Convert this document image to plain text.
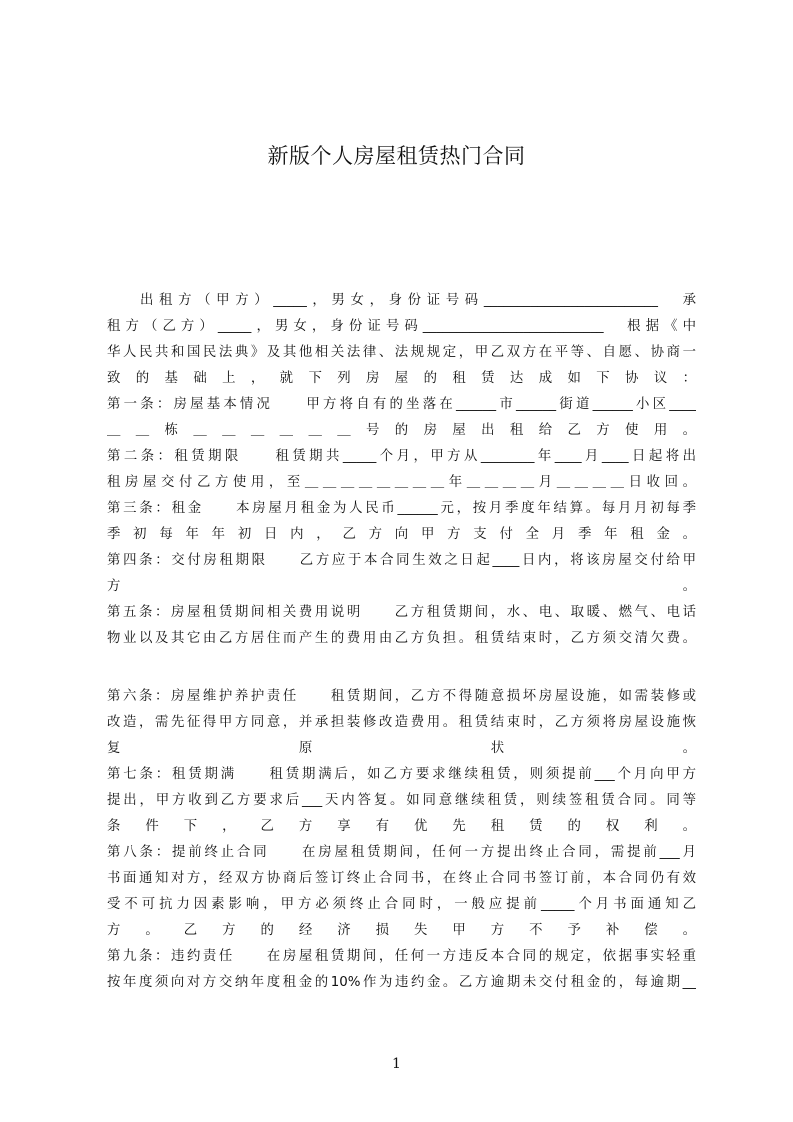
新版个人房屋租赁热门合同
出租方（甲方）_____，男女，身份证号码__________________________　承
租方（乙方）_____，男女，身份证号码___________________________　根据《中
华人民共和国民法典》及其他相关法律、法规规定，甲乙双方在平等、自愿、协商一
致的基础上，就下列房屋的租赁达成如下协议：
第一条：房屋基本情况　　甲方将自有的坐落在______市______街道______小区____
＿＿栋＿＿＿＿＿＿号的房屋出租给乙方使用。
第二条：租赁期限　　租赁期共_____个月，甲方从________年____月____日起将出
租房屋交付乙方使用，至＿＿＿＿＿＿＿＿年＿＿＿＿月＿＿＿＿日收回。
第三条：租金　　本房屋月租金为人民币______元，按月季度年结算。每月月初每季
季初每年年初日内，乙方向甲方支付全月季年租金。
第四条：交付房租期限　　乙方应于本合同生效之日起____日内，将该房屋交付给甲
方。
第五条：房屋租赁期间相关费用说明　　乙方租赁期间，水、电、取暖、燃气、电话
物业以及其它由乙方居住而产生的费用由乙方负担。租赁结束时，乙方须交清欠费。
第六条：房屋维护养护责任　　租赁期间，乙方不得随意损坏房屋设施，如需装修或
改造，需先征得甲方同意，并承担装修改造费用。租赁结束时，乙方须将房屋设施恢
复原状。
第七条：租赁期满　　租赁期满后，如乙方要求继续租赁，则须提前___个月向甲方
提出，甲方收到乙方要求后___天内答复。如同意继续租赁，则续签租赁合同。同等
条件下，乙方享有优先租赁的权利。
第八条：提前终止合同　　在房屋租赁期间，任何一方提出终止合同，需提前___月
书面通知对方，经双方协商后签订终止合同书，在终止合同书签订前，本合同仍有效
受不可抗力因素影响，甲方必须终止合同时，一般应提前_____个月书面通知乙
方。乙方的经济损失甲方不予补偿。
第九条：违约责任　　在房屋租赁期间，任何一方违反本合同的规定，依据事实轻重
按年度须向对方交纳年度租金的10%作为违约金。乙方逾期未交付租金的，每逾期__
1
